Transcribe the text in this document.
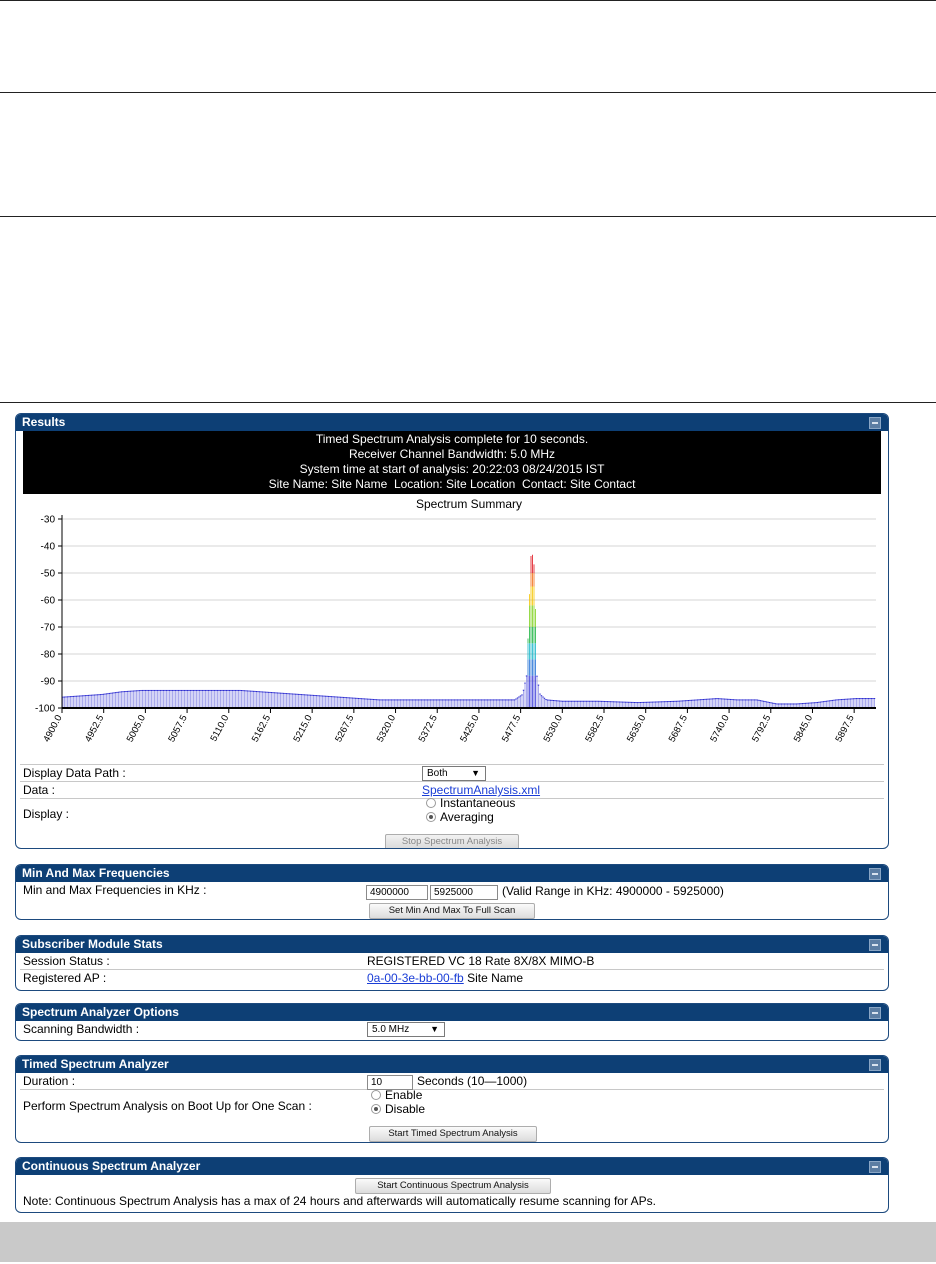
Results
Timed Spectrum Analysis complete for 10 seconds.
Receiver Channel Bandwidth: 5.0 MHz
System time at start of analysis: 20:22:03 08/24/2015 IST
Site Name: Site Name  Location: Site Location  Contact: Site Contact
Spectrum Summary
-30
-40
-50
-60
-70
-80
-90
-100
4900.0 4952.5 5005.0 5057.5 5110.0 5162.5 5215.0 5267.5 5320.0 5372.5 5425.0 5477.5 5530.0 5582.5 5635.0 5687.5 5740.0 5792.5 5845.0 5897.5
Display Data Path :	Both	▼
Data :	SpectrumAnalysis.xml
Display :
Instantaneous
Averaging
Stop Spectrum Analysis
Min And Max Frequencies
Min and Max Frequencies in KHz :	4900000	5925000	(Valid Range in KHz: 4900000 - 5925000)
Set Min And Max To Full Scan
Subscriber Module Stats
Session Status :	REGISTERED VC 18 Rate 8X/8X MIMO-B
Registered AP :	0a-00-3e-bb-00-fb Site Name
Spectrum Analyzer Options
Scanning Bandwidth :	5.0 MHz ▼
Timed Spectrum Analyzer
Duration :	10	Seconds (10—1000)
Perform Spectrum Analysis on Boot Up for One Scan :
Enable
Disable
Start Timed Spectrum Analysis
Continuous Spectrum Analyzer
Start Continuous Spectrum Analysis
Note: Continuous Spectrum Analysis has a max of 24 hours and afterwards will automatically resume scanning for APs.
